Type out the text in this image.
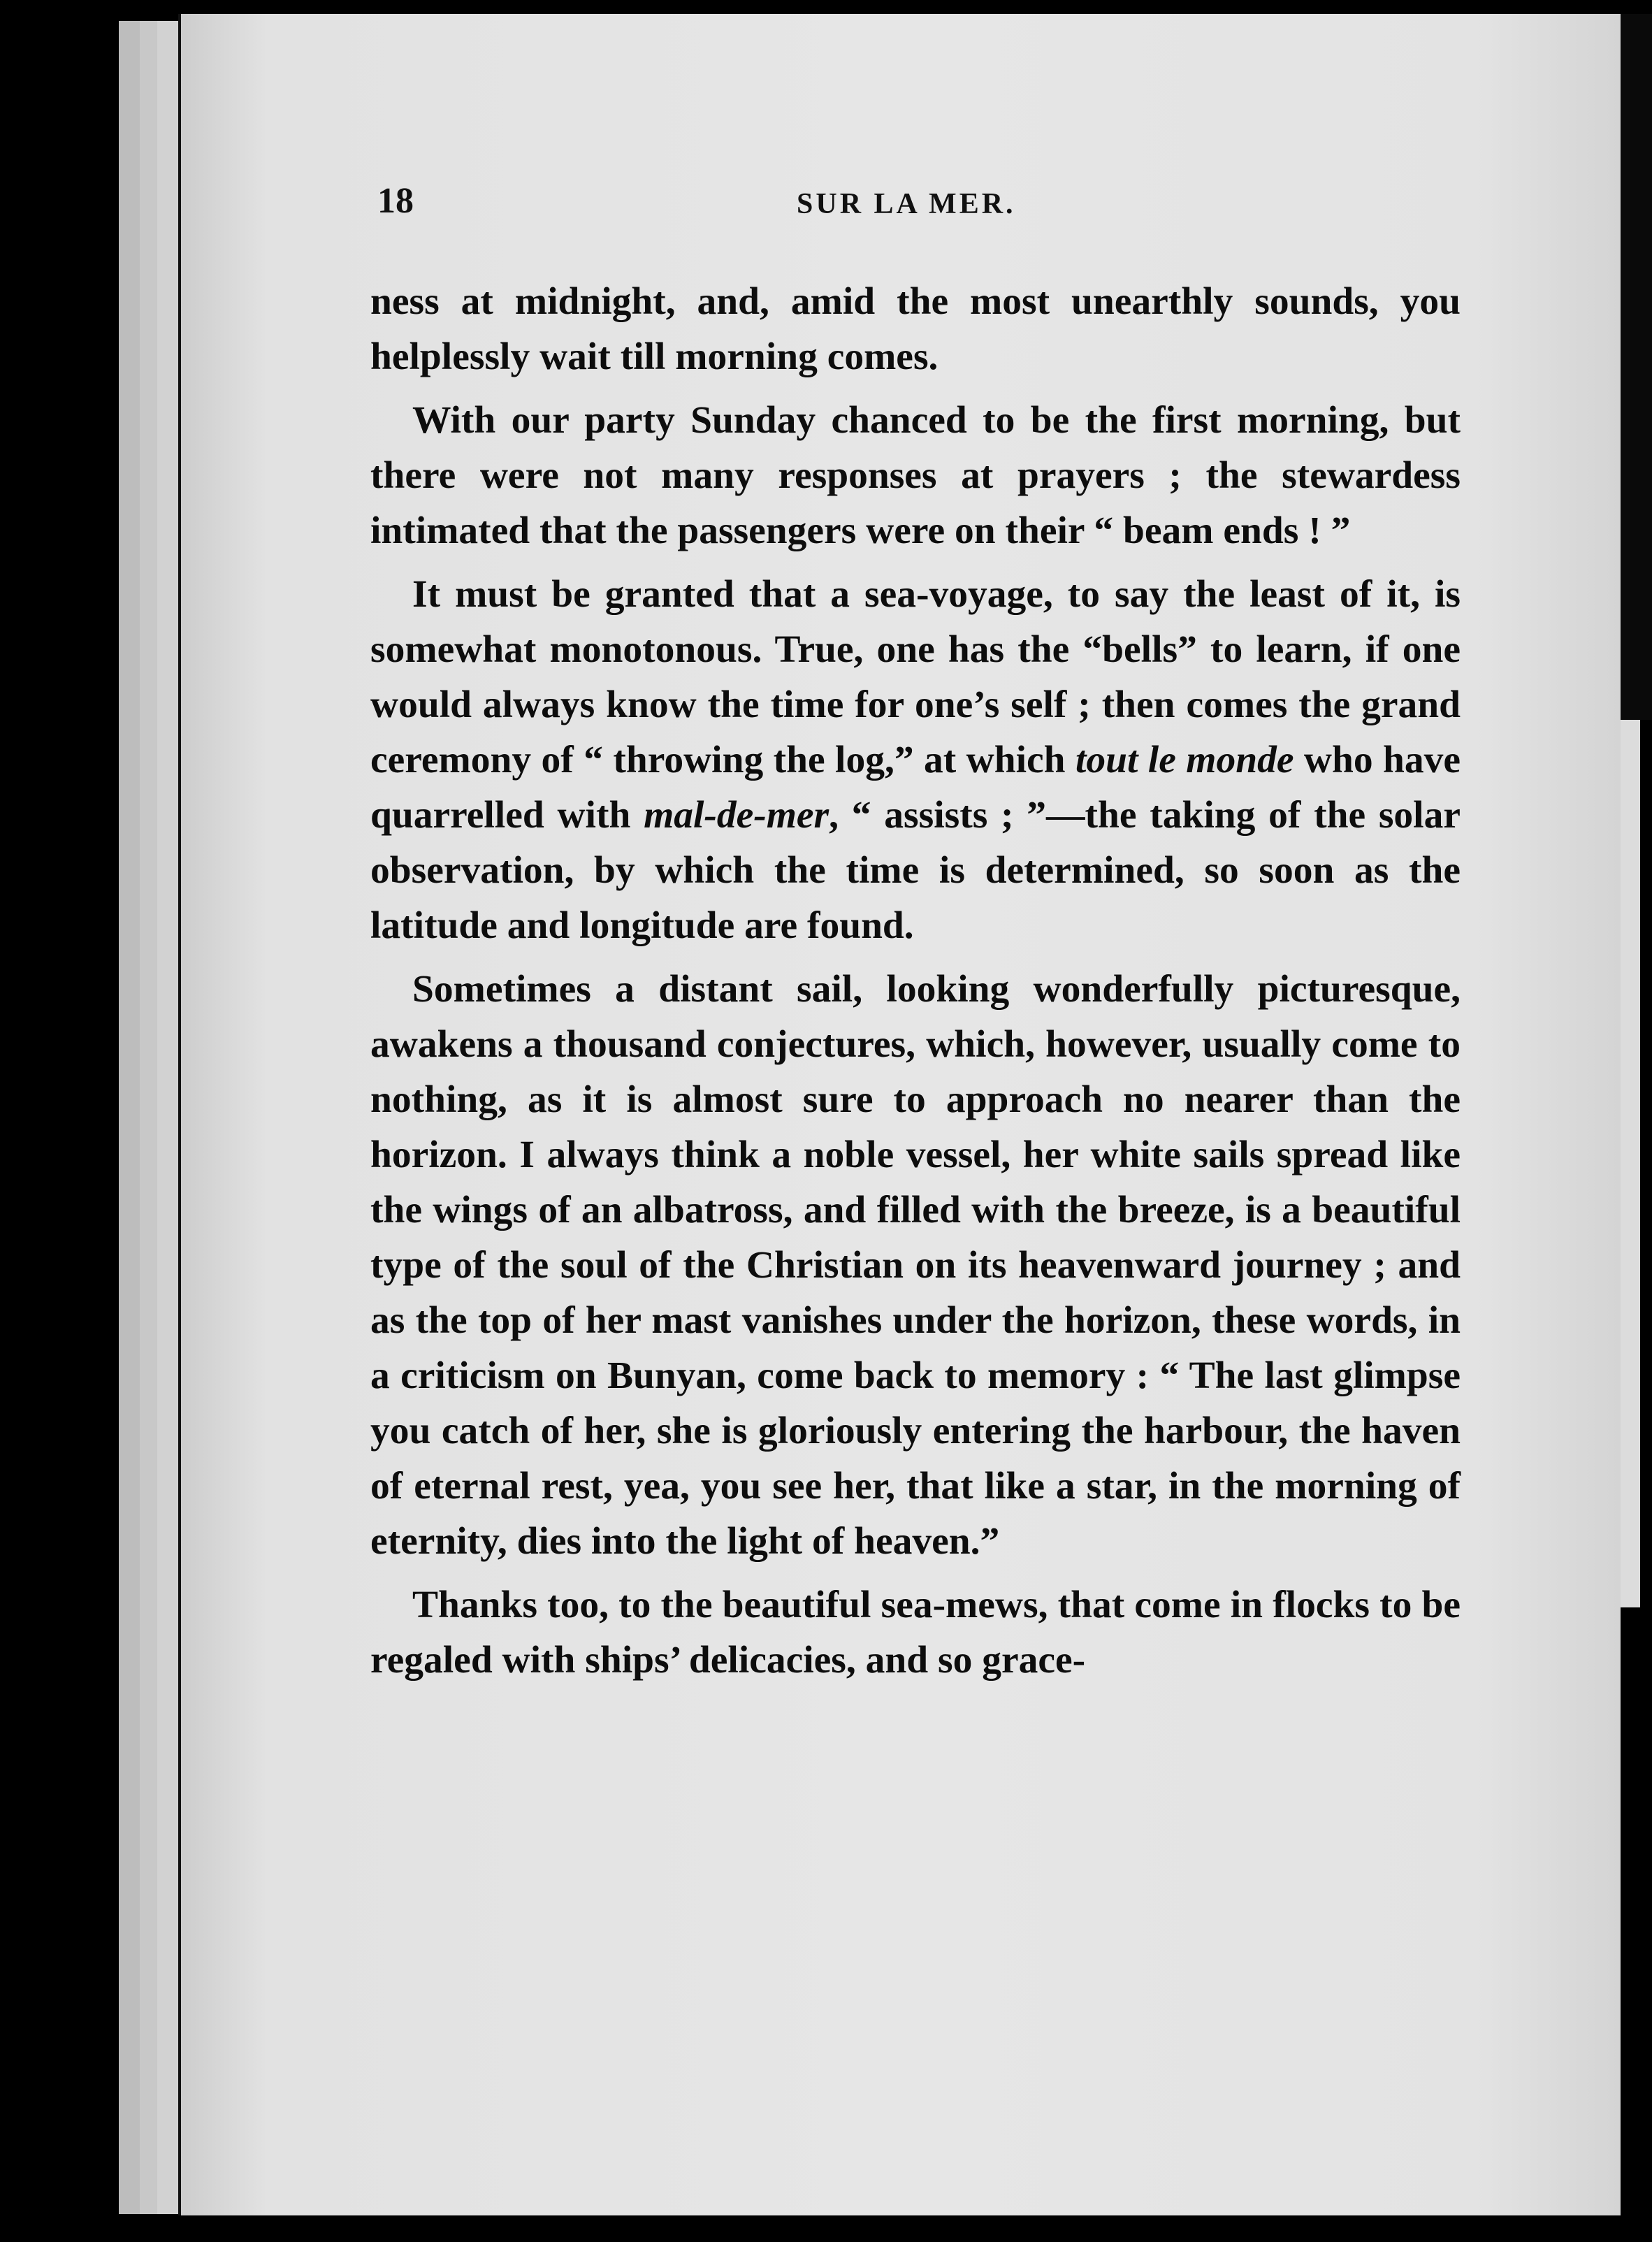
18	SUR LA MER.

ness at midnight, and, amid the most unearthly sounds, you helplessly wait till morning comes.

With our party Sunday chanced to be the first morning, but there were not many responses at prayers ; the stewardess intimated that the passengers were on their “ beam ends ! ”

It must be granted that a sea-voyage, to say the least of it, is somewhat monotonous. True, one has the “bells” to learn, if one would always know the time for one’s self ; then comes the grand ceremony of “ throwing the log,” at which tout le monde who have quarrelled with mal-de-mer, “ assists ; ”—the taking of the solar observation, by which the time is determined, so soon as the latitude and longitude are found.

Sometimes a distant sail, looking wonderfully picturesque, awakens a thousand conjectures, which, however, usually come to nothing, as it is almost sure to approach no nearer than the horizon. I always think a noble vessel, her white sails spread like the wings of an albatross, and filled with the breeze, is a beautiful type of the soul of the Christian on its heavenward journey ; and as the top of her mast vanishes under the horizon, these words, in a criticism on Bunyan, come back to memory : “ The last glimpse you catch of her, she is gloriously entering the harbour, the haven of eternal rest, yea, you see her, that like a star, in the morning of eternity, dies into the light of heaven.”

Thanks too, to the beautiful sea-mews, that come in flocks to be regaled with ships’ delicacies, and so grace-
